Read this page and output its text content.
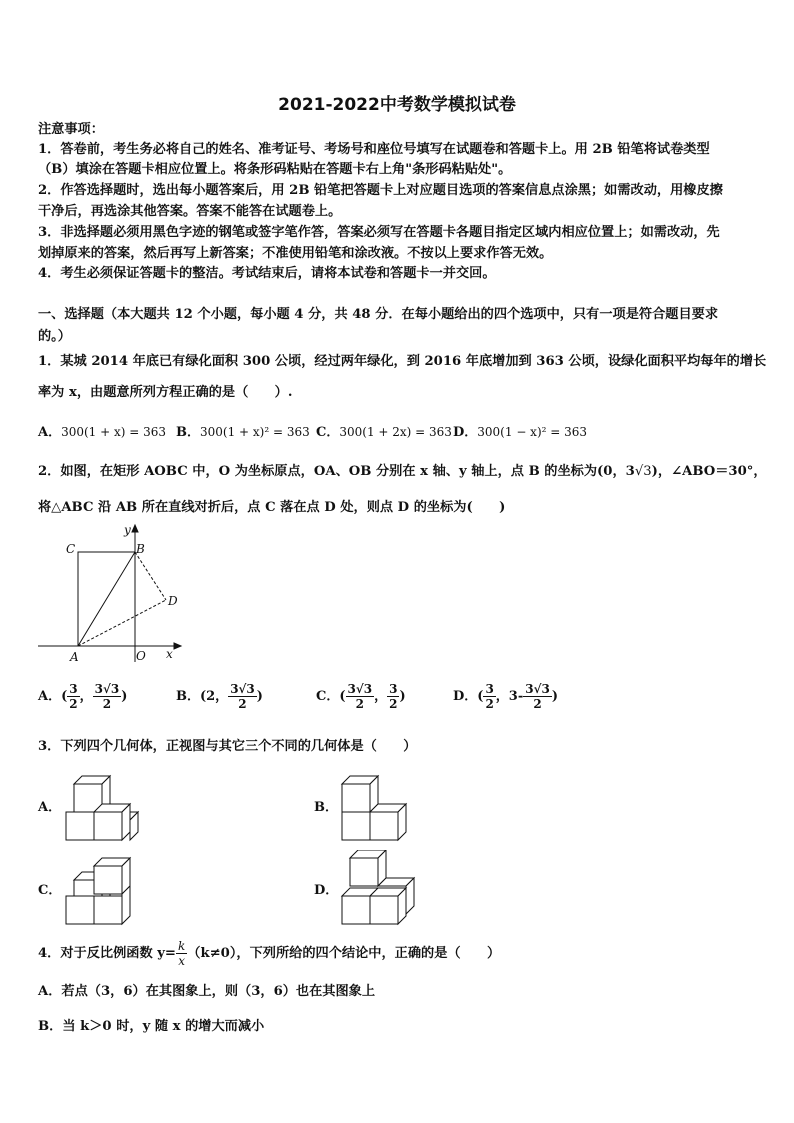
2021-2022中考数学模拟试卷
注意事项：
1．答卷前，考生务必将自己的姓名、准考证号、考场号和座位号填写在试题卷和答题卡上。用 2B 铅笔将试卷类型
（B）填涂在答题卡相应位置上。将条形码粘贴在答题卡右上角"条形码粘贴处"。
2．作答选择题时，选出每小题答案后，用 2B 铅笔把答题卡上对应题目选项的答案信息点涂黑；如需改动，用橡皮擦
干净后，再选涂其他答案。答案不能答在试题卷上。
3．非选择题必须用黑色字迹的钢笔或签字笔作答，答案必须写在答题卡各题目指定区域内相应位置上；如需改动，先
划掉原来的答案，然后再写上新答案；不准使用铅笔和涂改液。不按以上要求作答无效。
4．考生必须保证答题卡的整洁。考试结束后，请将本试卷和答题卡一并交回。
一、选择题（本大题共 12 个小题，每小题 4 分，共 48 分．在每小题给出的四个选项中，只有一项是符合题目要求
的。）
1．某城 2014 年底已有绿化面积 300 公顷，经过两年绿化，到 2016 年底增加到 363 公顷，设绿化面积平均每年的增长
率为 x，由题意所列方程正确的是（　　）.
A．300(1 + x) = 363 B．300(1 + x)² = 363 C．300(1 + 2x) = 363 D．300(1 − x)² = 363
2．如图，在矩形 AOBC 中，O 为坐标原点，OA、OB 分别在 x 轴、y 轴上，点 B 的坐标为(0，3√3)，∠ABO＝30°，
将△ABC 沿 AB 所在直线对折后，点 C 落在点 D 处，则点 D 的坐标为(　　)
C	B
D
A	O x
y
A．( $\frac{3}{2}$ ， $\frac{3√3}{2}$ )	B．(2， $\frac{3√3}{2}$ )	C．( $\frac{3√3}{2}$ ， $\frac{3}{2}$ )	D．( $\frac{3}{2}$ ，$3- \frac{3√3}{2}$ )
3．下列四个几何体，正视图与其它三个不同的几何体是（　　）
A．	B．
C．	D．
4．对于反比例函数 $y= \frac{k}{x} (k\ne 0)$，下列所给的四个结论中，正确的是（　　）
A．若点（3，6）在其图象上，则（3，6）也在其图象上
B．当 k＞0 时，y 随 x 的增大而减小
